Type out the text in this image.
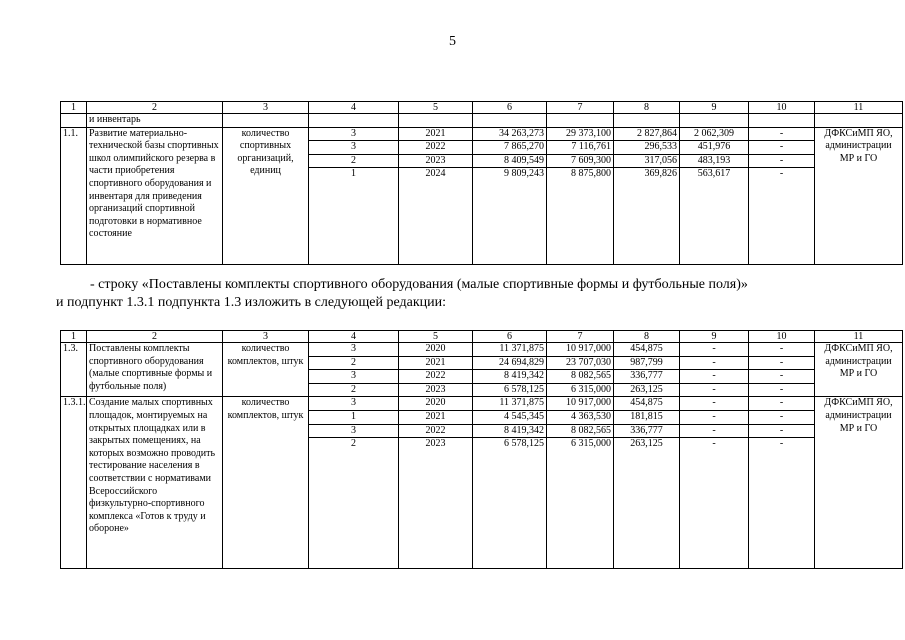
5
1	2	3	4	5	6	7	8	9	10	11
	и инвентарь									
1.1.	Развитие материально-технической базы спортивных школ олимпийского резерва в части приобретения спортивного оборудования и инвентаря для приведения организаций спортивной подготовки в нормативное состояние	количество спортивных организаций, единиц	3	2021	34 263,273	29 373,100	2 827,864	2 062,309	-	ДФКСиМП ЯО, администрации МР и ГО
			3	2022	7 865,270	7 116,761	296,533	451,976	-	
			2	2023	8 409,549	7 609,300	317,056	483,193	-	
			1	2024	9 809,243	8 875,800	369,826	563,617	-	
- строку «Поставлены комплекты спортивного оборудования (малые спортивные формы и футбольные поля)»
и подпункт 1.3.1 подпункта 1.3 изложить в следующей редакции:
1	2	3	4	5	6	7	8	9	10	11
1.3.	Поставлены комплекты спортивного оборудования (малые спортивные формы и футбольные поля)	количество комплектов, штук	3	2020	11 371,875	10 917,000	454,875	-	-	ДФКСиМП ЯО, администрации МР и ГО
			2	2021	24 694,829	23 707,030	987,799	-	-	
			3	2022	8 419,342	8 082,565	336,777	-	-	
			2	2023	6 578,125	6 315,000	263,125	-	-	
1.3.1.	Создание малых спортивных площадок, монтируемых на открытых площадках или в закрытых помещениях, на которых возможно проводить тестирование населения в соответствии с нормативами Всероссийского физкультурно-спортивного комплекса «Готов к труду и обороне»	количество комплектов, штук	3	2020	11 371,875	10 917,000	454,875	-	-	ДФКСиМП ЯО, администрации МР и ГО
			1	2021	4 545,345	4 363,530	181,815	-	-	
			3	2022	8 419,342	8 082,565	336,777	-	-	
			2	2023	6 578,125	6 315,000	263,125	-	-	
